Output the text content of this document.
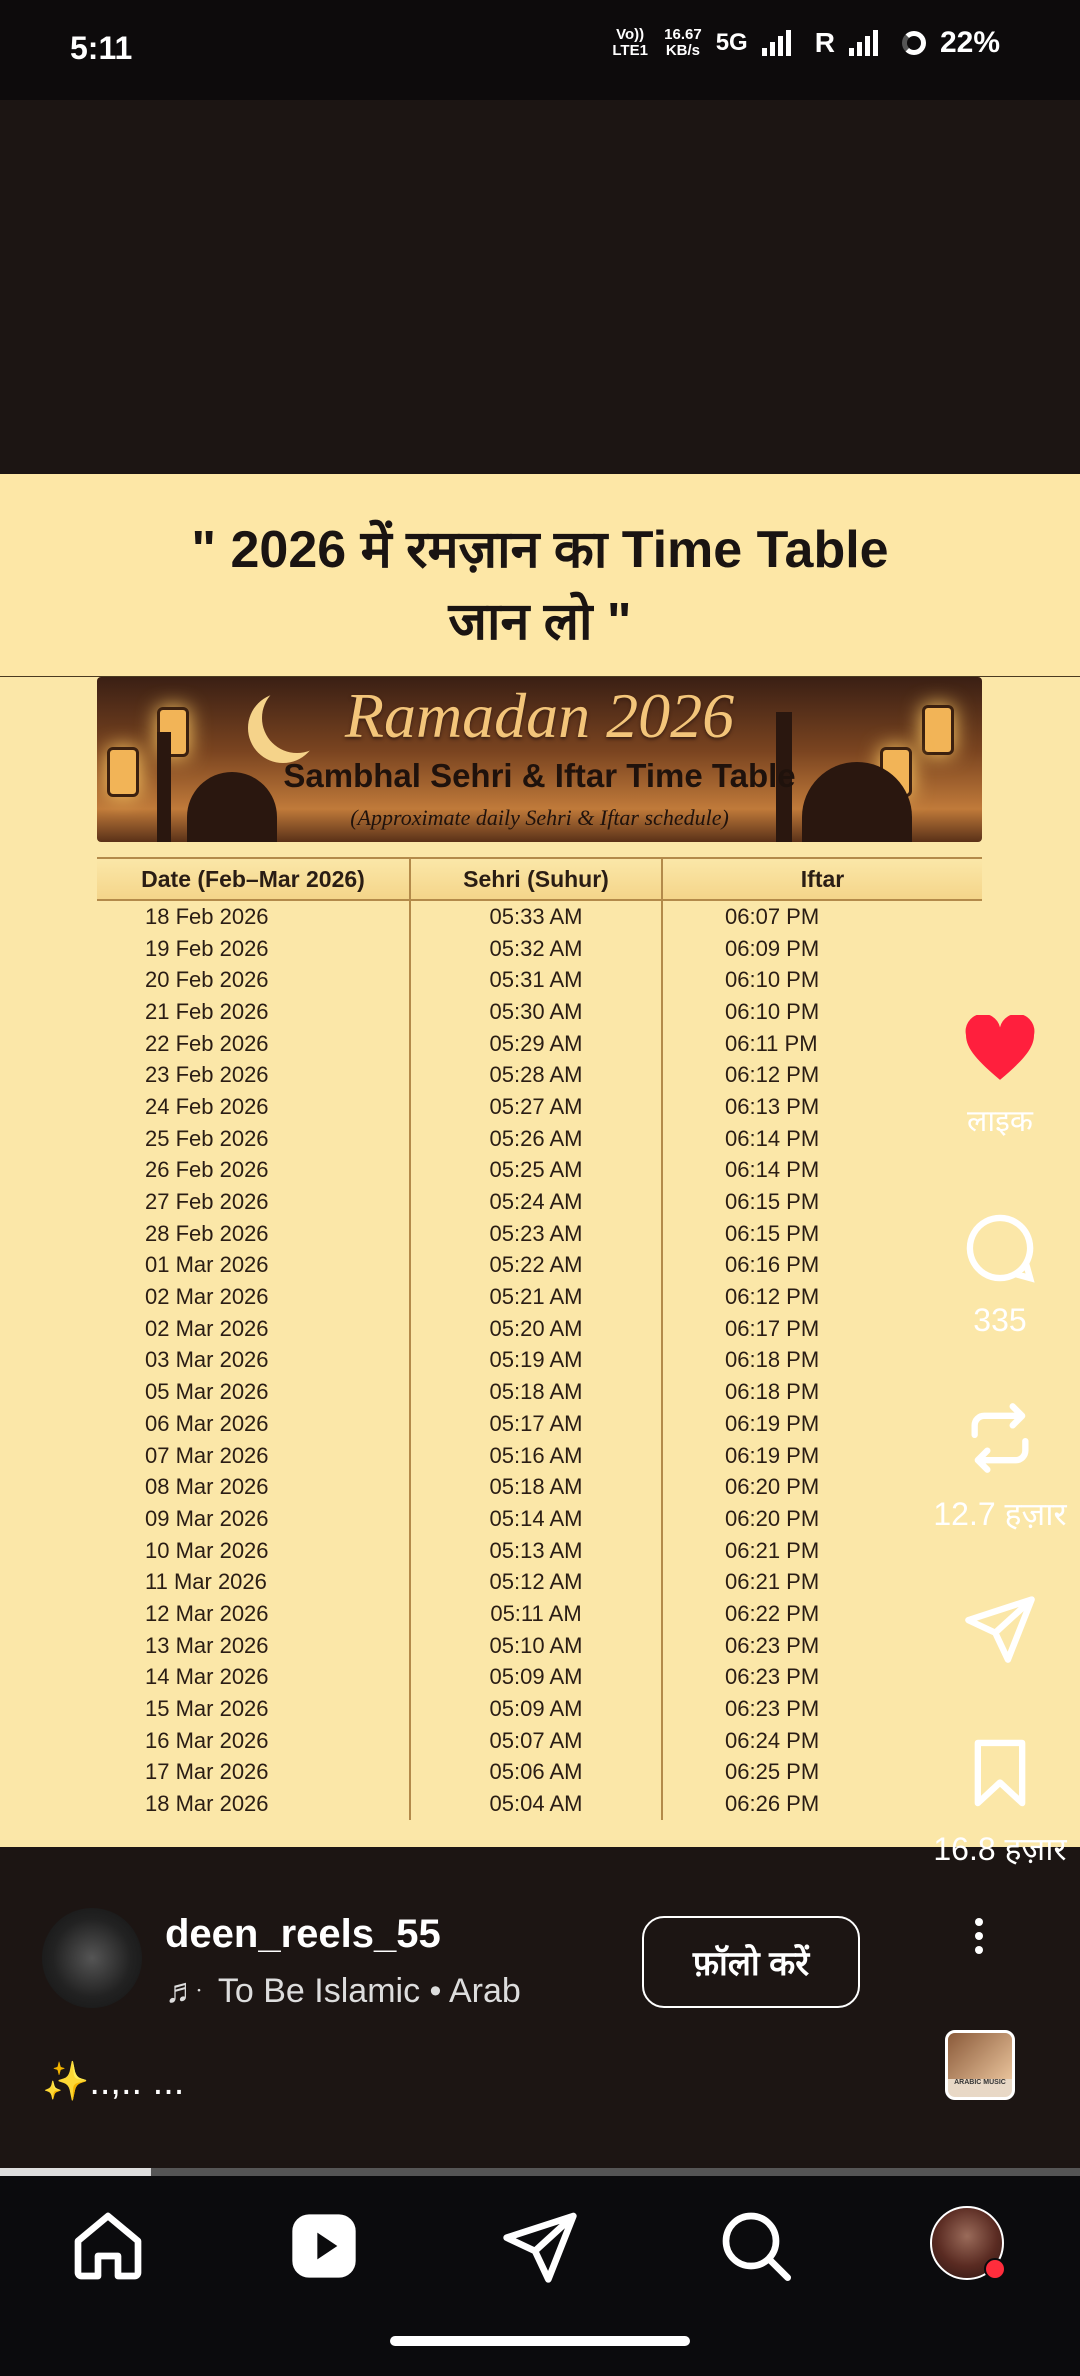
5:11	Vo)) LTE1
16.67
KB/s 5G R	22%
" 2026 में रमज़ान का Time Table
जान लो "
Ramadan 2026
Sambhal Sehri & Iftar Time Table
(Approximate daily Sehri & Iftar schedule)
Date (Feb–Mar 2026)	Sehri (Suhur)	Iftar
18 Feb 2026	05:33 AM	06:07 PM
19 Feb 2026	05:32 AM	06:09 PM
20 Feb 2026	05:31 AM	06:10 PM
21 Feb 2026	05:30 AM	06:10 PM
22 Feb 2026	05:29 AM	06:11 PM
23 Feb 2026	05:28 AM	06:12 PM
24 Feb 2026	05:27 AM	06:13 PM
25 Feb 2026	05:26 AM	06:14 PM
26 Feb 2026	05:25 AM	06:14 PM
27 Feb 2026	05:24 AM	06:15 PM
28 Feb 2026	05:23 AM	06:15 PM
01 Mar 2026	05:22 AM	06:16 PM
02 Mar 2026	05:21 AM	06:12 PM
02 Mar 2026	05:20 AM	06:17 PM
03 Mar 2026	05:19 AM	06:18 PM
05 Mar 2026	05:18 AM	06:18 PM
06 Mar 2026	05:17 AM	06:19 PM
07 Mar 2026	05:16 AM	06:19 PM
08 Mar 2026	05:18 AM	06:20 PM
09 Mar 2026	05:14 AM	06:20 PM
10 Mar 2026	05:13 AM	06:21 PM
11 Mar 2026	05:12 AM	06:21 PM
12 Mar 2026	05:11 AM	06:22 PM
13 Mar 2026	05:10 AM	06:23 PM
14 Mar 2026	05:09 AM	06:23 PM
15 Mar 2026	05:09 AM	06:23 PM
16 Mar 2026	05:07 AM	06:24 PM
17 Mar 2026	05:06 AM	06:25 PM
18 Mar 2026	05:04 AM	06:26 PM
लाइक
335
12.7 हज़ार
16.8 हज़ार
deen_reels_55
♬ ּ To Be Islamic • Arab
फ़ॉलो करें
ARABIC MUSIC
✨..,.. ...
